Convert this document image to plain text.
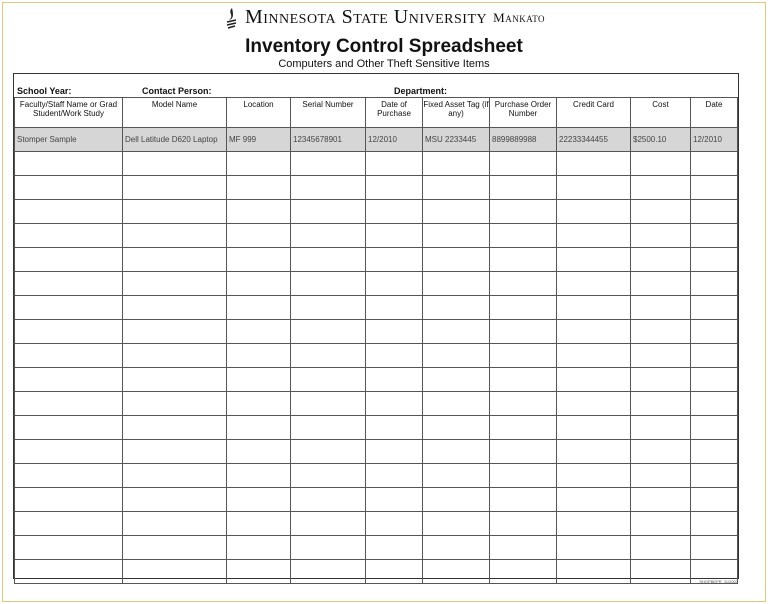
Minnesota State University Mankato
Inventory Control Spreadsheet
Computers and Other Theft Sensitive Items
School Year:	Contact Person:	Department:
Faculty/Staff Name or Grad Student/Work Study	Model Name	Location	Serial Number	Date of Purchase	Fixed Asset Tag (if any)	Purchase Order Number	Credit Card	Cost	Date
Stomper Sample	Dell Latitude D620 Laptop	MF 999	12345678901	12/2010	MSU 2233445	8899889988	22233344455	$2500.10	12/2010

SHOPBEPR_11/2007
